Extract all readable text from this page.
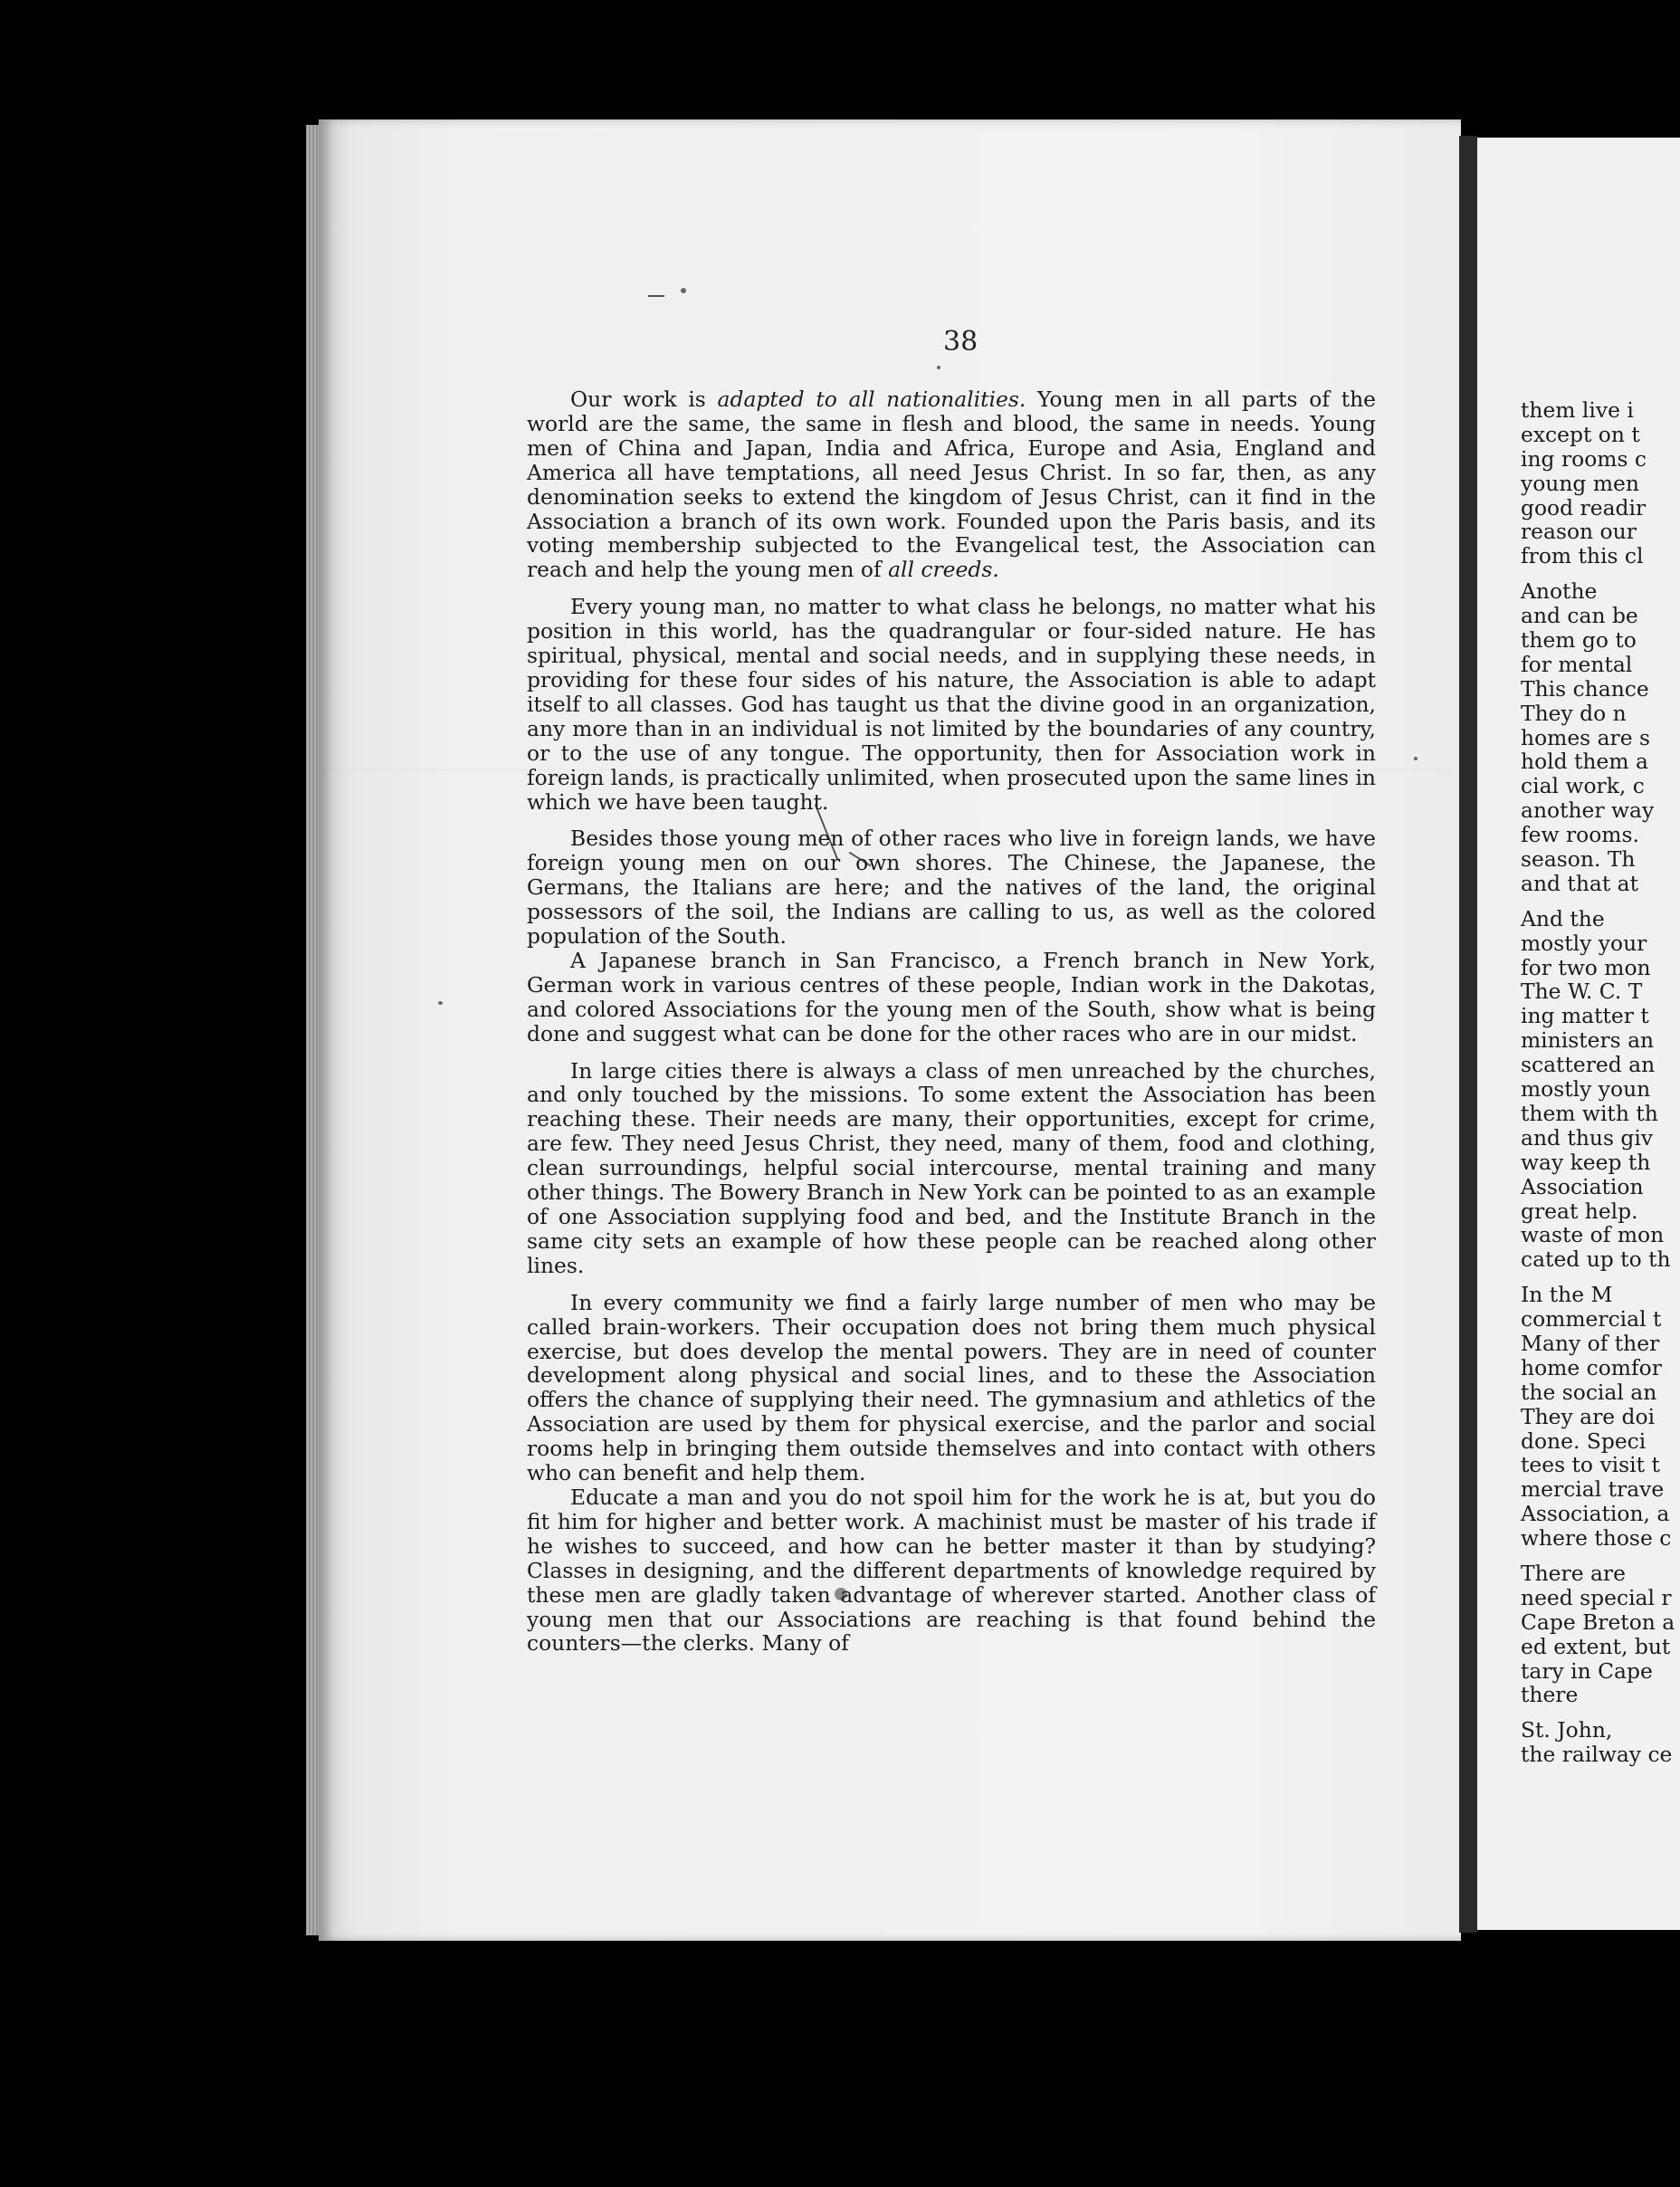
38

Our work is adapted to all nationalities. Young men in all parts of the world are the same, the same in flesh and blood, the same in needs. Young men of China and Japan, India and Africa, Europe and Asia, England and America all have temptations, all need Jesus Christ. In so far, then, as any denomination seeks to extend the kingdom of Jesus Christ, can it find in the Association a branch of its own work. Founded upon the Paris basis, and its voting membership subjected to the Evangelical test, the Association can reach and help the young men of all creeds.

Every young man, no matter to what class he belongs, no matter what his position in this world, has the quadrangular or four-sided nature. He has spiritual, physical, mental and social needs, and in supplying these needs, in providing for these four sides of his nature, the Association is able to adapt itself to all classes. God has taught us that the divine good in an organization, any more than in an individual is not limited by the boundaries of any country, or to the use of any tongue. The opportunity, then for Association work in foreign lands, is practically unlimited, when prosecuted upon the same lines in which we have been taught.

Besides those young men of other races who live in foreign lands, we have foreign young men on our own shores. The Chinese, the Japanese, the Germans, the Italians are here; and the natives of the land, the original possessors of the soil, the Indians are calling to us, as well as the colored population of the South.

A Japanese branch in San Francisco, a French branch in New York, German work in various centres of these people, Indian work in the Dakotas, and colored Associations for the young men of the South, show what is being done and suggest what can be done for the other races who are in our midst.

In large cities there is always a class of men unreached by the churches, and only touched by the missions. To some extent the Association has been reaching these. Their needs are many, their opportunities, except for crime, are few. They need Jesus Christ, they need, many of them, food and clothing, clean surroundings, helpful social intercourse, mental training and many other things. The Bowery Branch in New York can be pointed to as an example of one Association supplying food and bed, and the Institute Branch in the same city sets an example of how these people can be reached along other lines.

In every community we find a fairly large number of men who may be called brain-workers. Their occupation does not bring them much physical exercise, but does develop the mental powers. They are in need of counter development along physical and social lines, and to these the Association offers the chance of supplying their need. The gymnasium and athletics of the Association are used by them for physical exercise, and the parlor and social rooms help in bringing them outside themselves and into contact with others who can benefit and help them.

Educate a man and you do not spoil him for the work he is at, but you do fit him for higher and better work. A machinist must be master of his trade if he wishes to succeed, and how can he better master it than by studying? Classes in designing, and the different departments of knowledge required by these men are gladly taken advantage of wherever started. Another class of young men that our Associations are reaching is that found behind the counters—the clerks. Many of

them live i
except on t
ing rooms c
young men
good readir
reason our
from this cl
Anothe
and can be
them go to
for mental
This chance
They do n
homes are s
hold them a
cial work, c
another way
few rooms.
season. Th
and that at
And the
mostly your
for two mon
The W. C. T
ing matter t
ministers an
scattered an
mostly youn
them with th
and thus giv
way keep th
Association
great help.
waste of mon
cated up to th
In the M
commercial t
Many of ther
home comfor
the social an
They are doi
done. Speci
tees to visit t
mercial trave
Association, a
where those c
There are
need special r
Cape Breton a
ed extent, but
tary in Cape
there
St. John,
the railway ce
